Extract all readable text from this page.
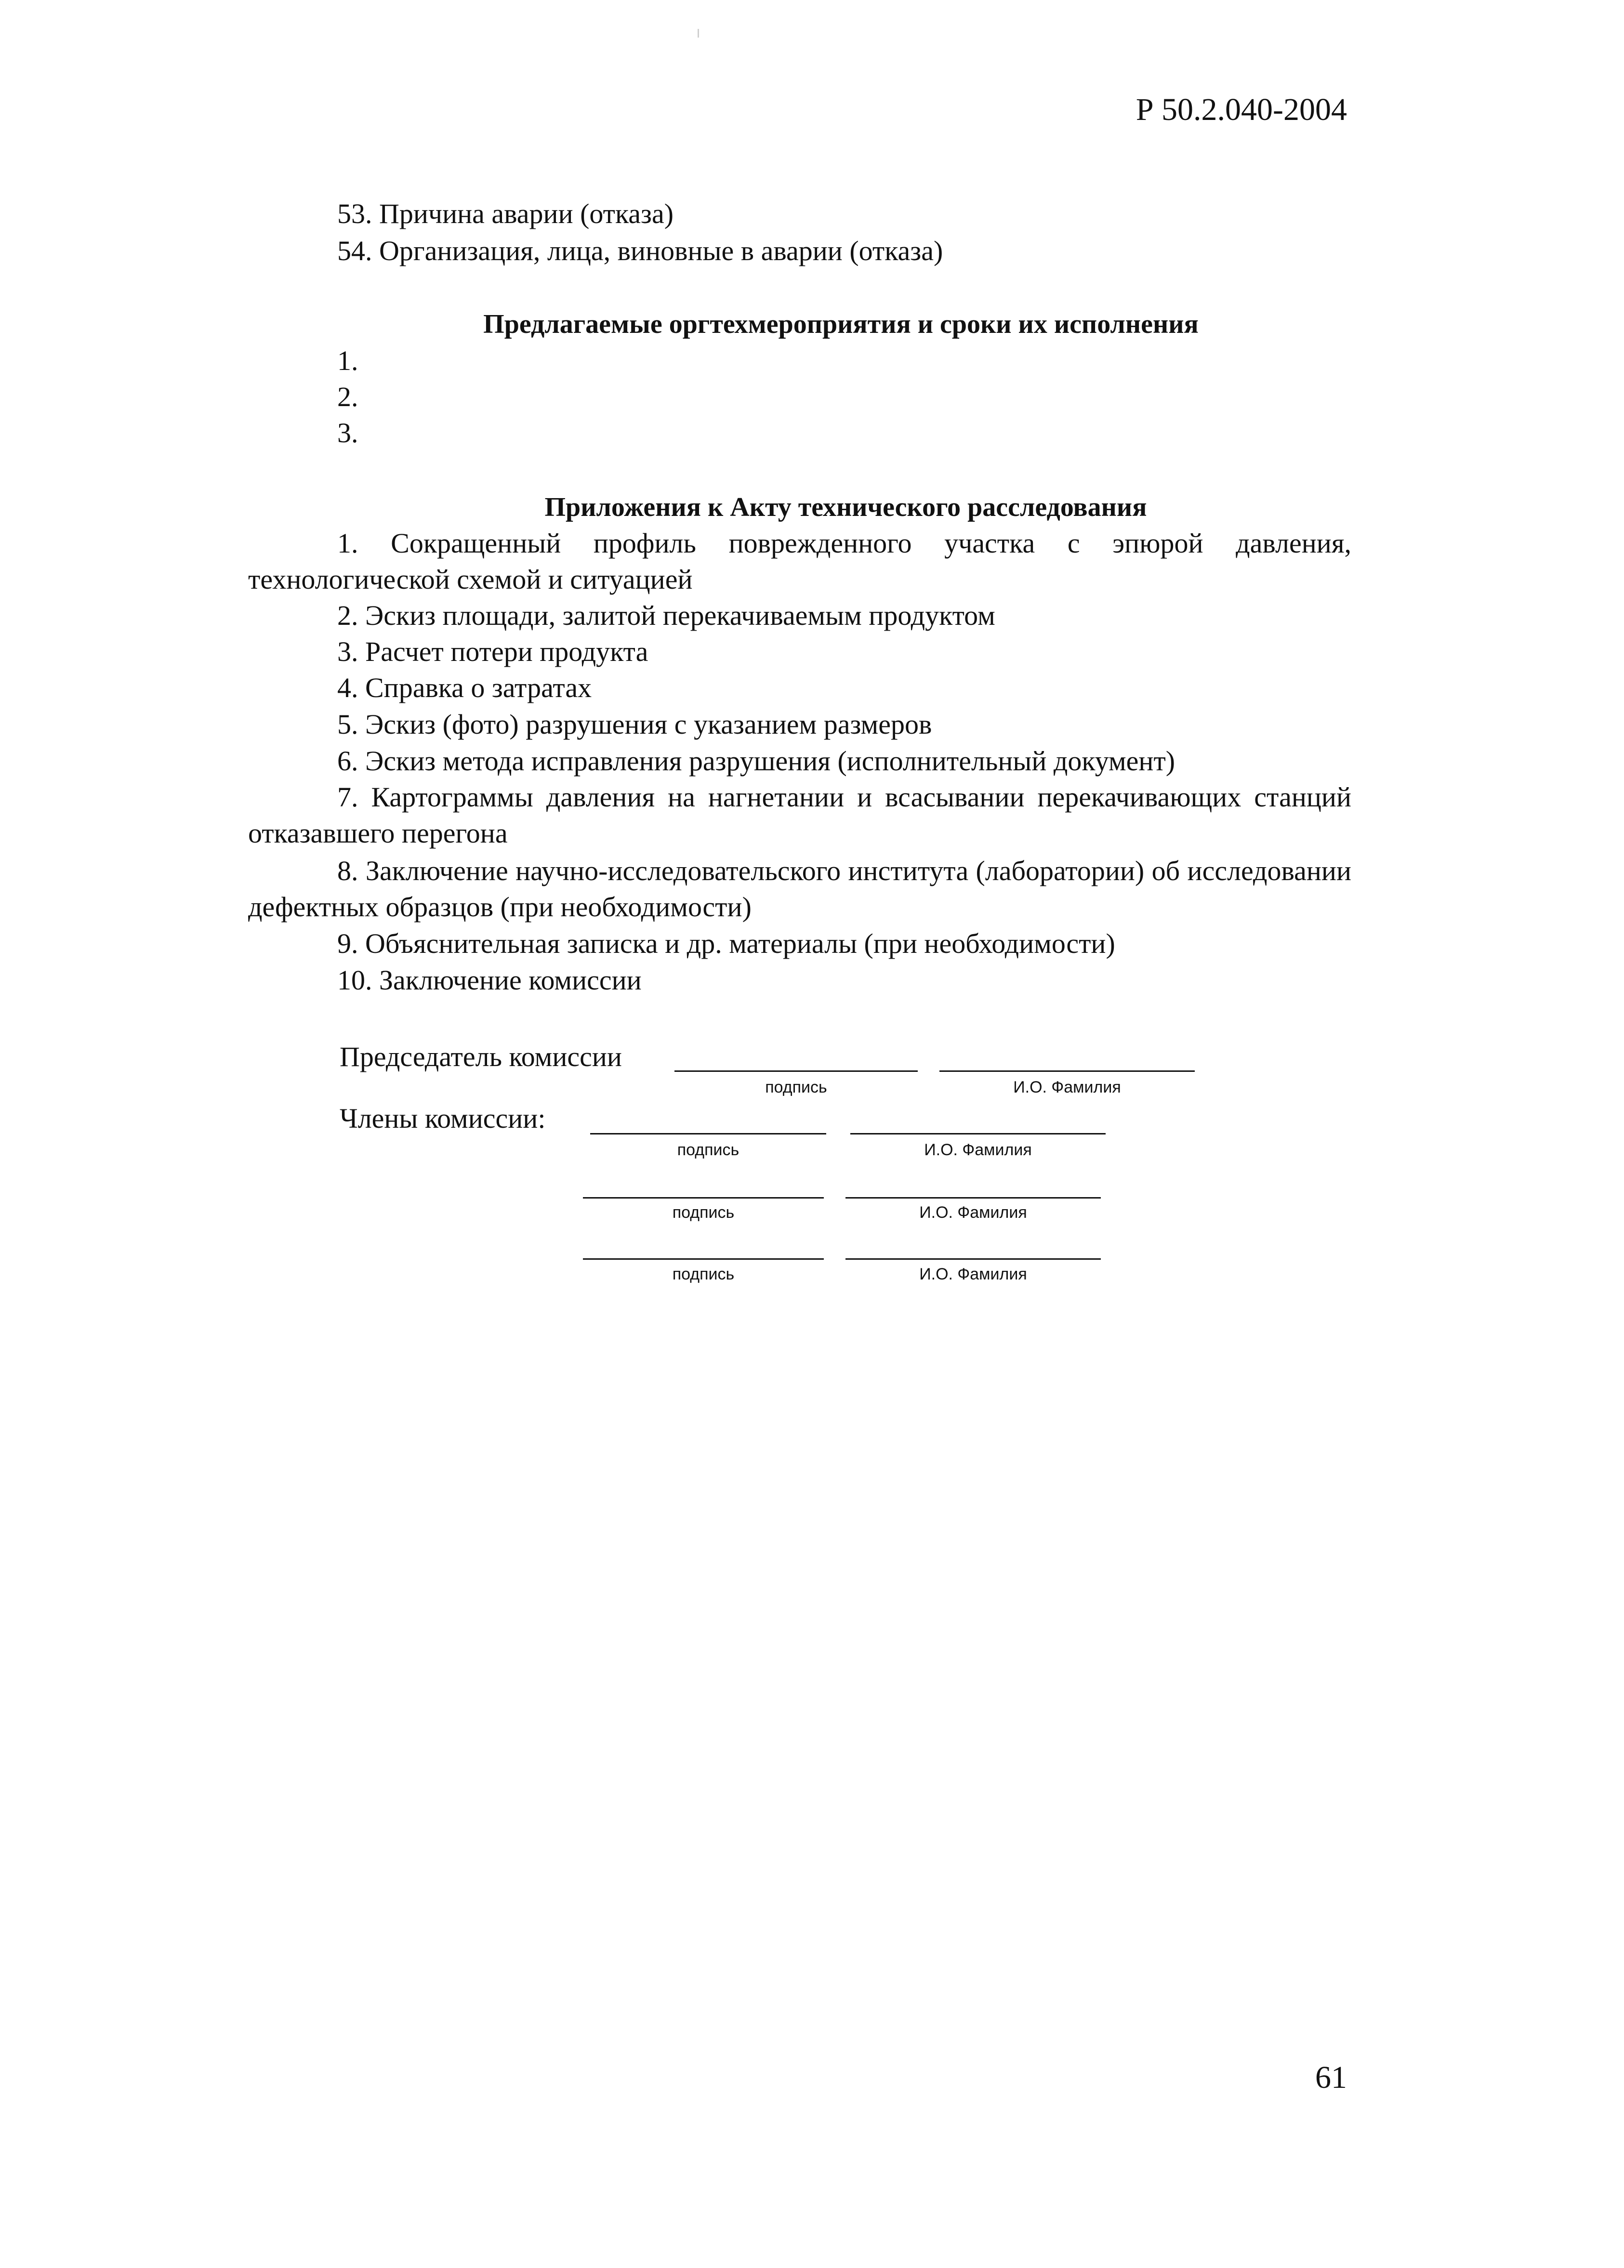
Р 50.2.040-2004
53. Причина аварии (отказа)
54. Организация, лица, виновные в аварии (отказа)
Предлагаемые оргтехмероприятия и сроки их исполнения
1.
2.
3.
Приложения к Акту технического расследования
1. Сокращенный профиль поврежденного участка с эпюрой давления, технологической схемой и ситуацией
2. Эскиз площади, залитой перекачиваемым продуктом
3. Расчет потери продукта
4. Справка о затратах
5. Эскиз (фото) разрушения с указанием размеров
6. Эскиз метода исправления разрушения (исполнительный документ)
7. Картограммы давления на нагнетании и всасывании перекачивающих станций отказавшего перегона
8. Заключение научно-исследовательского института (лаборатории) об исследовании дефектных образцов (при необходимости)
9. Объяснительная записка и др. материалы (при необходимости)
10. Заключение комиссии
Председатель комиссии
подпись	И.О. Фамилия
Члены комиссии:
подпись	И.О. Фамилия
подпись	И.О. Фамилия
подпись	И.О. Фамилия
61
